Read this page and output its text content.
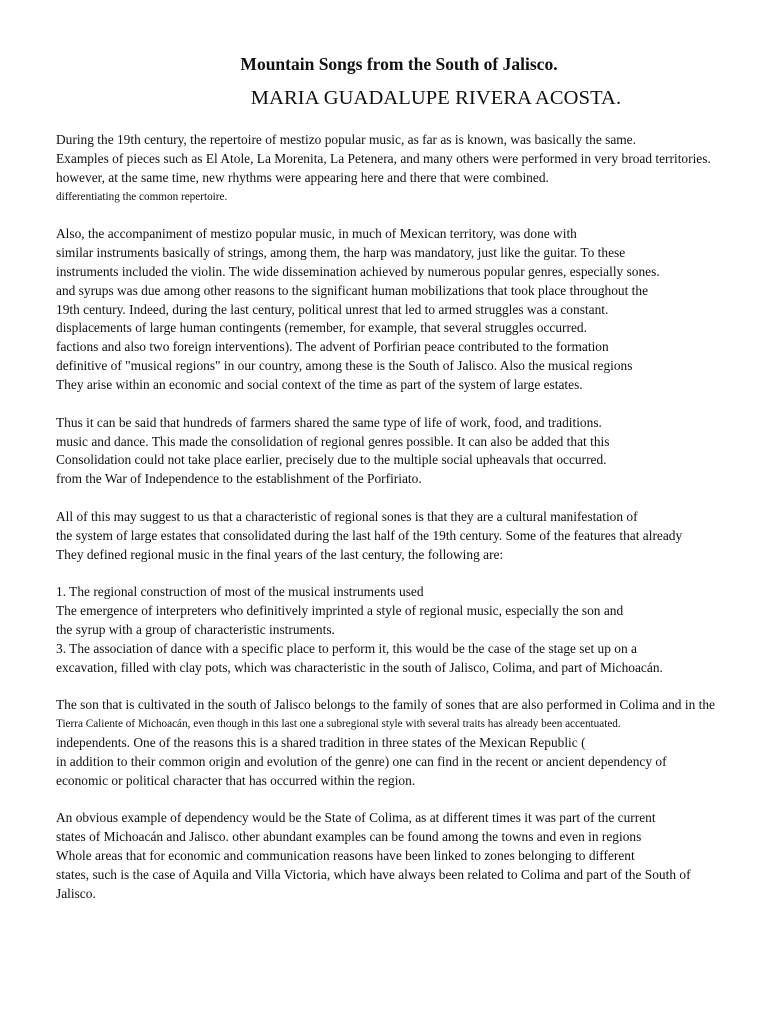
Mountain Songs from the South of Jalisco.
MARIA GUADALUPE RIVERA ACOSTA.
During the 19th century, the repertoire of mestizo popular music, as far as is known, was basically the same.
Examples of pieces such as El Atole, La Morenita, La Petenera, and many others were performed in very broad territories.
however, at the same time, new rhythms were appearing here and there that were combined.
differentiating the common repertoire.
Also, the accompaniment of mestizo popular music, in much of Mexican territory, was done with
similar instruments basically of strings, among them, the harp was mandatory, just like the guitar. To these
instruments included the violin. The wide dissemination achieved by numerous popular genres, especially sones.
and syrups was due among other reasons to the significant human mobilizations that took place throughout the
19th century. Indeed, during the last century, political unrest that led to armed struggles was a constant.
displacements of large human contingents (remember, for example, that several struggles occurred.
factions and also two foreign interventions). The advent of Porfirian peace contributed to the formation
definitive of "musical regions" in our country, among these is the South of Jalisco. Also the musical regions
They arise within an economic and social context of the time as part of the system of large estates.
Thus it can be said that hundreds of farmers shared the same type of life of work, food, and traditions.
music and dance. This made the consolidation of regional genres possible. It can also be added that this
Consolidation could not take place earlier, precisely due to the multiple social upheavals that occurred.
from the War of Independence to the establishment of the Porfiriato.
All of this may suggest to us that a characteristic of regional sones is that they are a cultural manifestation of
the system of large estates that consolidated during the last half of the 19th century. Some of the features that already
They defined regional music in the final years of the last century, the following are:
1. The regional construction of most of the musical instruments used
The emergence of interpreters who definitively imprinted a style of regional music, especially the son and
the syrup with a group of characteristic instruments.
3. The association of dance with a specific place to perform it, this would be the case of the stage set up on a
excavation, filled with clay pots, which was characteristic in the south of Jalisco, Colima, and part of Michoacán.
The son that is cultivated in the south of Jalisco belongs to the family of sones that are also performed in Colima and in the
Tierra Caliente of Michoacán, even though in this last one a subregional style with several traits has already been accentuated.
independents. One of the reasons this is a shared tradition in three states of the Mexican Republic (
in addition to their common origin and evolution of the genre) one can find in the recent or ancient dependency of
economic or political character that has occurred within the region.
An obvious example of dependency would be the State of Colima, as at different times it was part of the current
states of Michoacán and Jalisco. other abundant examples can be found among the towns and even in regions
Whole areas that for economic and communication reasons have been linked to zones belonging to different
states, such is the case of Aquila and Villa Victoria, which have always been related to Colima and part of the South of
Jalisco.
